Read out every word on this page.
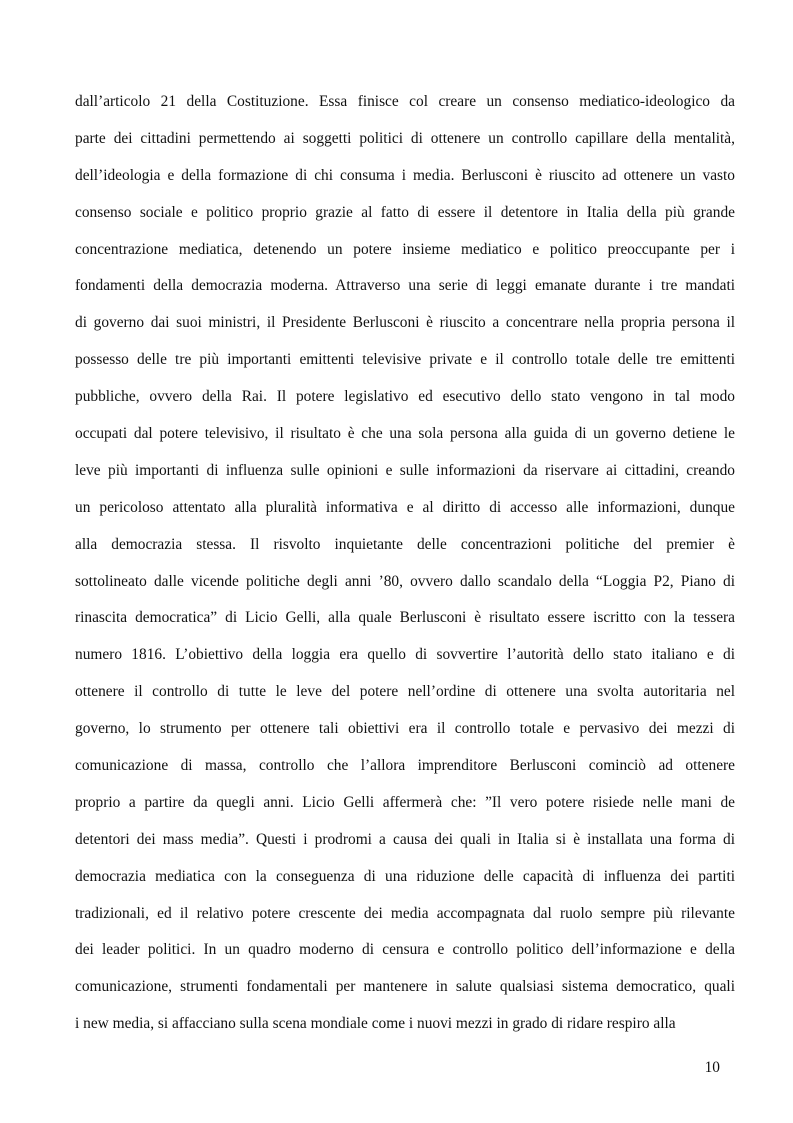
dall’articolo 21 della Costituzione. Essa finisce col creare un consenso mediatico-ideologico da
parte dei cittadini permettendo ai soggetti politici di ottenere un controllo capillare della mentalità,
dell’ideologia e della formazione di chi consuma i media. Berlusconi è riuscito ad ottenere un vasto
consenso sociale e politico proprio grazie al fatto di essere il detentore in Italia della più grande
concentrazione mediatica, detenendo un potere insieme mediatico e politico preoccupante per i
fondamenti della democrazia moderna. Attraverso una serie di leggi emanate durante i tre mandati
di governo dai suoi ministri, il Presidente Berlusconi è riuscito a concentrare nella propria persona il
possesso delle tre più importanti emittenti televisive private e il controllo totale delle tre emittenti
pubbliche, ovvero della Rai. Il potere legislativo ed esecutivo dello stato vengono in tal modo
occupati dal potere televisivo, il risultato è che una sola persona alla guida di un governo detiene le
leve più importanti di influenza sulle opinioni e sulle informazioni da riservare ai cittadini, creando
un pericoloso attentato alla pluralità informativa e al diritto di accesso alle informazioni, dunque
alla democrazia stessa. Il risvolto inquietante delle concentrazioni politiche del premier è
sottolineato dalle vicende politiche degli anni ’80, ovvero dallo scandalo della “Loggia P2, Piano di
rinascita democratica” di Licio Gelli, alla quale Berlusconi è risultato essere iscritto con la tessera
numero 1816. L’obiettivo della loggia era quello di sovvertire l’autorità dello stato italiano e di
ottenere il controllo di tutte le leve del potere nell’ordine di ottenere una svolta autoritaria nel
governo, lo strumento per ottenere tali obiettivi era il controllo totale e pervasivo dei mezzi di
comunicazione di massa, controllo che l’allora imprenditore Berlusconi cominciò ad ottenere
proprio a partire da quegli anni. Licio Gelli affermerà che: ”Il vero potere risiede nelle mani de
detentori dei mass media”. Questi i prodromi a causa dei quali in Italia si è installata una forma di
democrazia mediatica con la conseguenza di una riduzione delle capacità di influenza dei partiti
tradizionali, ed il relativo potere crescente dei media accompagnata dal ruolo sempre più rilevante
dei leader politici. In un quadro moderno di censura e controllo politico dell’informazione e della
comunicazione, strumenti fondamentali per mantenere in salute qualsiasi sistema democratico, quali
i new media, si affacciano sulla scena mondiale come i nuovi mezzi in grado di ridare respiro alla
10
